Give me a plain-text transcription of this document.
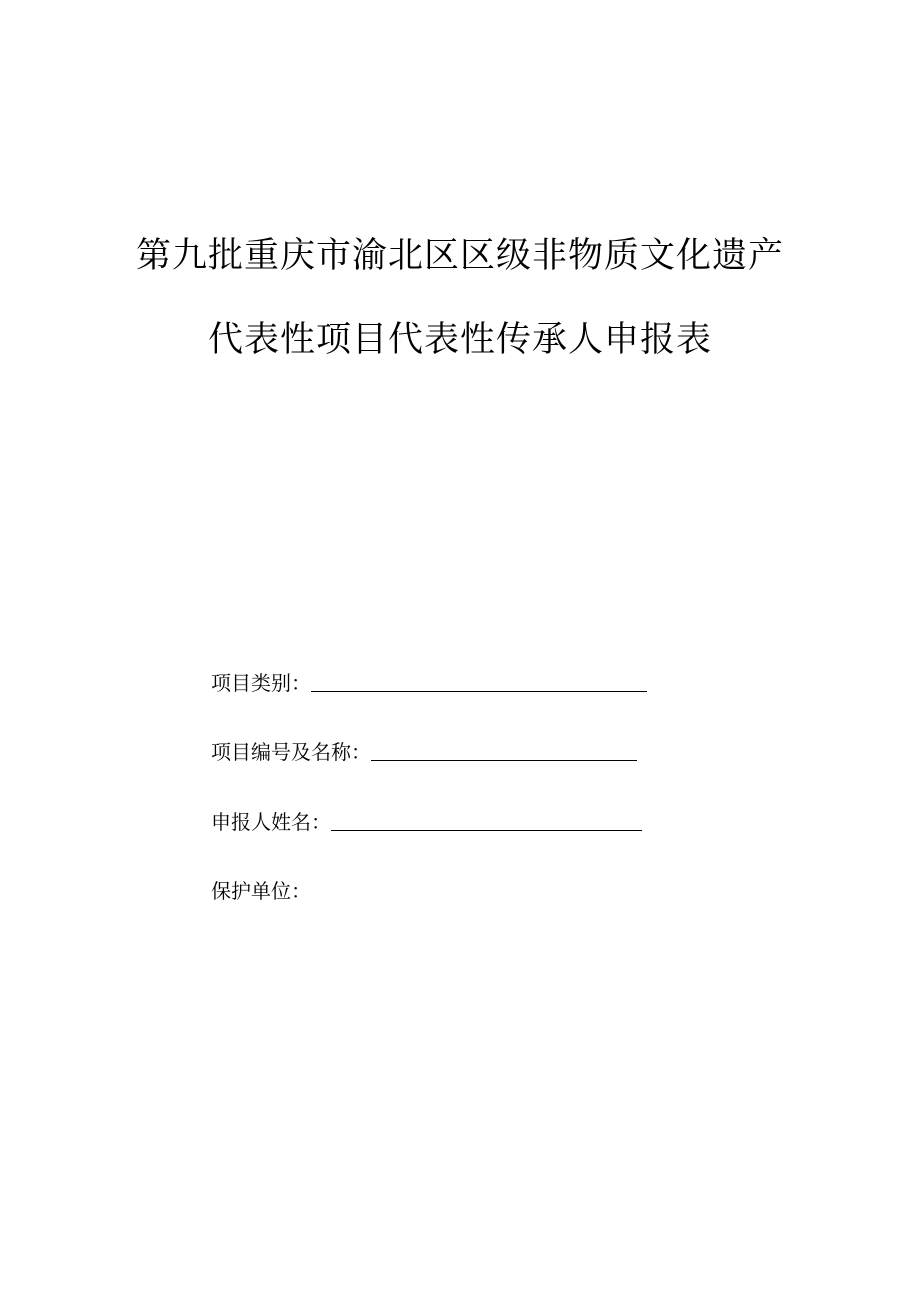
第九批重庆市渝北区区级非物质文化遗产
代表性项目代表性传承人申报表
项目类别：
项目编号及名称：
申报人姓名：
保护单位：
